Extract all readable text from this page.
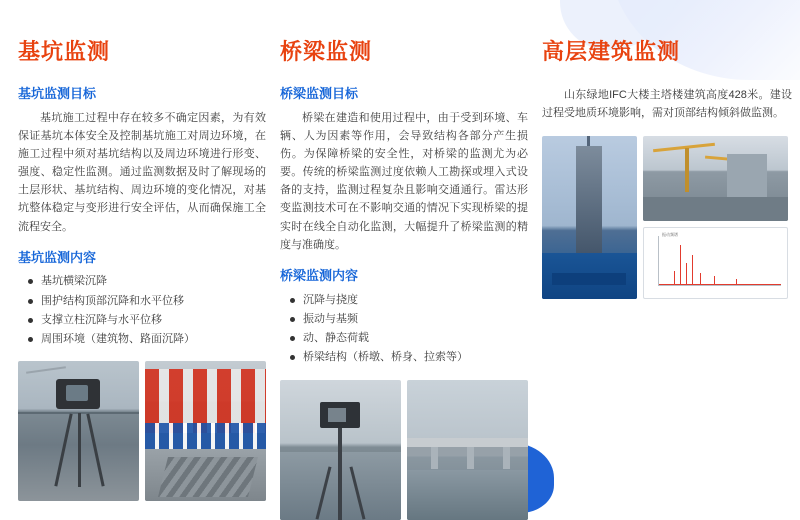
基坑监测
基坑监测目标

基坑施工过程中存在较多不确定因素，为有效保证基坑本体安全及控制基坑施工对周边环境，在施工过程中须对基坑结构以及周边环境进行形变、强度、稳定性监测。通过监测数据及时了解现场的土层形状、基坑结构、周边环境的变化情况，对基坑整体稳定与变形进行安全评估，从而确保施工全流程安全。

基坑监测内容
基坑横梁沉降
围护结构顶部沉降和水平位移
支撑立柱沉降与水平位移
周围环境（建筑物、路面沉降）
桥梁监测
桥梁监测目标

桥梁在建造和使用过程中，由于受到环境、车辆、人为因素等作用，会导致结构各部分产生损伤。为保障桥梁的安全性，对桥梁的监测尤为必要。传统的桥梁监测过度依赖人工勘探或埋入式设备的支持，监测过程复杂且影响交通通行。雷达形变监测技术可在不影响交通的情况下实现桥梁的提实时在线全自动化监测，大幅提升了桥梁监测的精度与准确度。

桥梁监测内容
沉降与挠度
振动与基频
动、静态荷载
桥梁结构（桥墩、桥身、拉索等）
高层建筑监测

山东绿地IFC大楼主塔楼建筑高度428米。建设过程受地质环境影响，需对顶部结构倾斜做监测。

振动频谱
